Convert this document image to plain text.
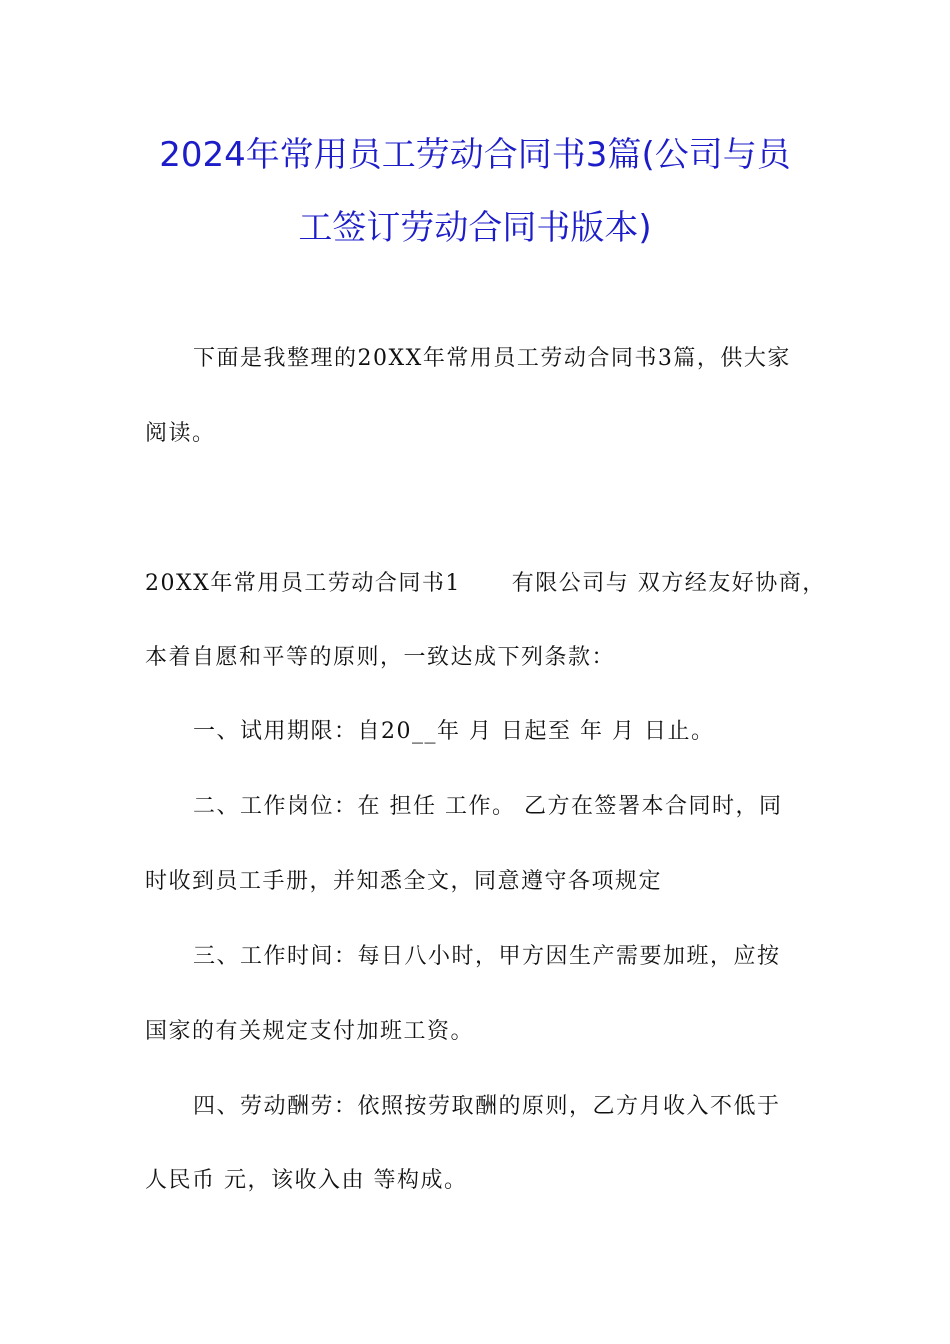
2024年常用员工劳动合同书3篇(公司与员
工签订劳动合同书版本)
下面是我整理的20XX年常用员工劳动合同书3篇，供大家
阅读。
20XX年常用员工劳动合同书1      有限公司与 双方经友好协商，
本着自愿和平等的原则，一致达成下列条款：
一、试用期限：自20__年 月 日起至 年 月 日止。
二、工作岗位：在 担任 工作。 乙方在签署本合同时，同
时收到员工手册，并知悉全文，同意遵守各项规定
三、工作时间：每日八小时，甲方因生产需要加班，应按
国家的有关规定支付加班工资。
四、劳动酬劳：依照按劳取酬的原则，乙方月收入不低于
人民币 元，该收入由 等构成。
